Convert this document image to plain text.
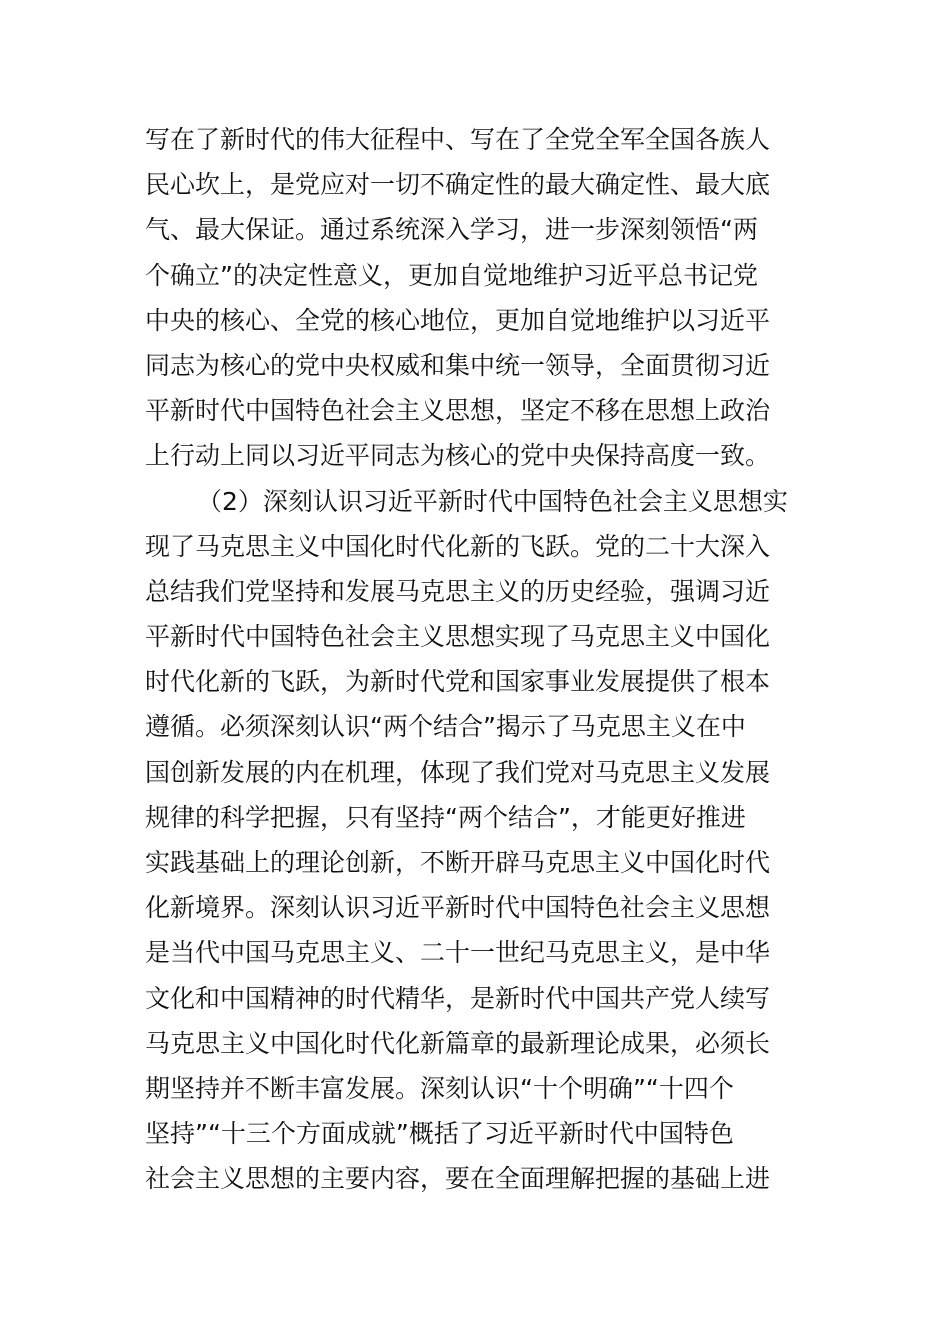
写在了新时代的伟大征程中、写在了全党全军全国各族人
民心坎上，是党应对一切不确定性的最大确定性、最大底
气、最大保证。通过系统深入学习，进一步深刻领悟“两
个确立”的决定性意义，更加自觉地维护习近平总书记党
中央的核心、全党的核心地位，更加自觉地维护以习近平
同志为核心的党中央权威和集中统一领导，全面贯彻习近
平新时代中国特色社会主义思想，坚定不移在思想上政治
上行动上同以习近平同志为核心的党中央保持高度一致。
（2）深刻认识习近平新时代中国特色社会主义思想实
现了马克思主义中国化时代化新的飞跃。党的二十大深入
总结我们党坚持和发展马克思主义的历史经验，强调习近
平新时代中国特色社会主义思想实现了马克思主义中国化
时代化新的飞跃，为新时代党和国家事业发展提供了根本
遵循。必须深刻认识“两个结合”揭示了马克思主义在中
国创新发展的内在机理，体现了我们党对马克思主义发展
规律的科学把握，只有坚持“两个结合”，才能更好推进
实践基础上的理论创新，不断开辟马克思主义中国化时代
化新境界。深刻认识习近平新时代中国特色社会主义思想
是当代中国马克思主义、二十一世纪马克思主义，是中华
文化和中国精神的时代精华，是新时代中国共产党人续写
马克思主义中国化时代化新篇章的最新理论成果，必须长
期坚持并不断丰富发展。深刻认识“十个明确”“十四个
坚持”“十三个方面成就”概括了习近平新时代中国特色
社会主义思想的主要内容，要在全面理解把握的基础上进
